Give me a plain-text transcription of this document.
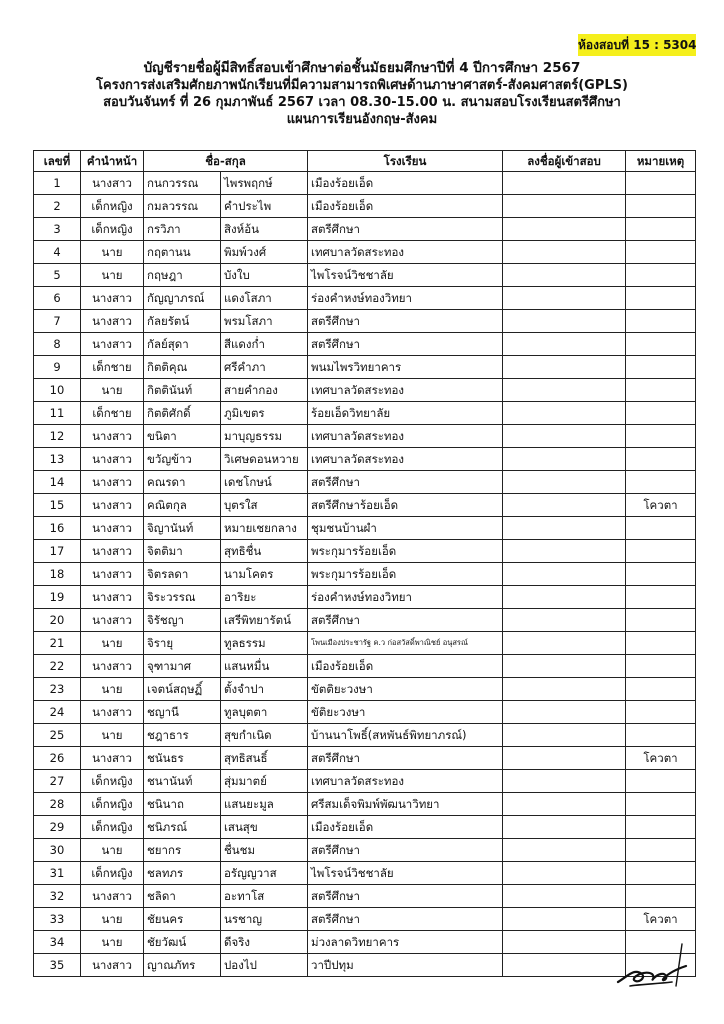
ห้องสอบที่ 15 : 5304
บัญชีรายชื่อผู้มีสิทธิ์สอบเข้าศึกษาต่อชั้นมัธยมศึกษาปีที่ 4 ปีการศึกษา 2567
โครงการส่งเสริมศักยภาพนักเรียนที่มีความสามารถพิเศษด้านภาษาศาสตร์-สังคมศาสตร์(GPLS)
สอบวันจันทร์ ที่ 26 กุมภาพันธ์ 2567 เวลา 08.30-15.00 น. สนามสอบโรงเรียนสตรีศึกษา
แผนการเรียนอังกฤษ-สังคม
เลขที่	คำนำหน้า	ชื่อ-สกุล		โรงเรียน	ลงชื่อผู้เข้าสอบ	หมายเหตุ
1	นางสาว	กนกวรรณ	ไพรพฤกษ์	เมืองร้อยเอ็ด		
2	เด็กหญิง	กมลวรรณ	คำประไพ	เมืองร้อยเอ็ด		
3	เด็กหญิง	กรวิภา	สิงห์อ้น	สตรีศึกษา		
4	นาย	กฤตานน	พิมพ์วงศ์	เทศบาลวัดสระทอง		
5	นาย	กฤษฎา	บังใบ	ไพโรจน์วิชชาลัย		
6	นางสาว	กัญญาภรณ์	แดงโสภา	ร่องคำหงษ์ทองวิทยา		
7	นางสาว	กัลยรัตน์	พรมโสภา	สตรีศึกษา		
8	นางสาว	กัลย์สุดา	สีแดงก่ำ	สตรีศึกษา		
9	เด็กชาย	กิตติคุณ	ศรีคำภา	พนมไพรวิทยาคาร		
10	นาย	กิตตินันท์	สายคำกอง	เทศบาลวัดสระทอง		
11	เด็กชาย	กิตติศักดิ์	ภูมิเขตร	ร้อยเอ็ดวิทยาลัย		
12	นางสาว	ขนิตา	มาบุญธรรม	เทศบาลวัดสระทอง		
13	นางสาว	ขวัญข้าว	วิเศษดอนหวาย	เทศบาลวัดสระทอง		
14	นางสาว	คณรดา	เดชโกษน์	สตรีศึกษา		
15	นางสาว	คณิตกุล	บุตรใส	สตรีศึกษาร้อยเอ็ด		โควตา
16	นางสาว	จิญานันท์	หมายเชยกลาง	ชุมชนบ้านผำ		
17	นางสาว	จิตติมา	สุทธิชื่น	พระกุมารร้อยเอ็ด		
18	นางสาว	จิตรลดา	นามโคตร	พระกุมารร้อยเอ็ด		
19	นางสาว	จิระวรรณ	อาริยะ	ร่องคำหงษ์ทองวิทยา		
20	นางสาว	จิรัชญา	เสรีพิทยารัตน์	สตรีศึกษา		
21	นาย	จิรายุ	ทูลธรรม	โพนเมืองประชารัฐ ค.ว ก่อสวัสดิ์พาณิชย์ อนุสรณ์		
22	นางสาว	จุฑามาศ	แสนหมื่น	เมืองร้อยเอ็ด		
23	นาย	เจตน์สฤษฏิ์	ตั้งจำปา	ขัตติยะวงษา		
24	นางสาว	ชญานี	ทูลบุตตา	ขัติยะวงษา		
25	นาย	ชฎาธาร	สุขกำเนิด	บ้านนาโพธิ์(สหพันธ์พิทยาภรณ์)		
26	นางสาว	ชนันธร	สุทธิสนธิ์	สตรีศึกษา		โควตา
27	เด็กหญิง	ชนานันท์	สุ่มมาตย์	เทศบาลวัดสระทอง		
28	เด็กหญิง	ชนินาถ	แสนยะมูล	ศรีสมเด็จพิมพ์พัฒนาวิทยา		
29	เด็กหญิง	ชนิภรณ์	เสนสุข	เมืองร้อยเอ็ด		
30	นาย	ชยากร	ชื่นชม	สตรีศึกษา		
31	เด็กหญิง	ชลทภร	อรัญญวาส	ไพโรจน์วิชชาลัย		
32	นางสาว	ชลิดา	อะทาโส	สตรีศึกษา		
33	นาย	ชัยนคร	นรชาญ	สตรีศึกษา		โควตา
34	นาย	ชัยวัฒน์	ดีจริง	ม่วงลาดวิทยาคาร		
35	นางสาว	ญาณภัทร	ปองไป	วาปีปทุม		
